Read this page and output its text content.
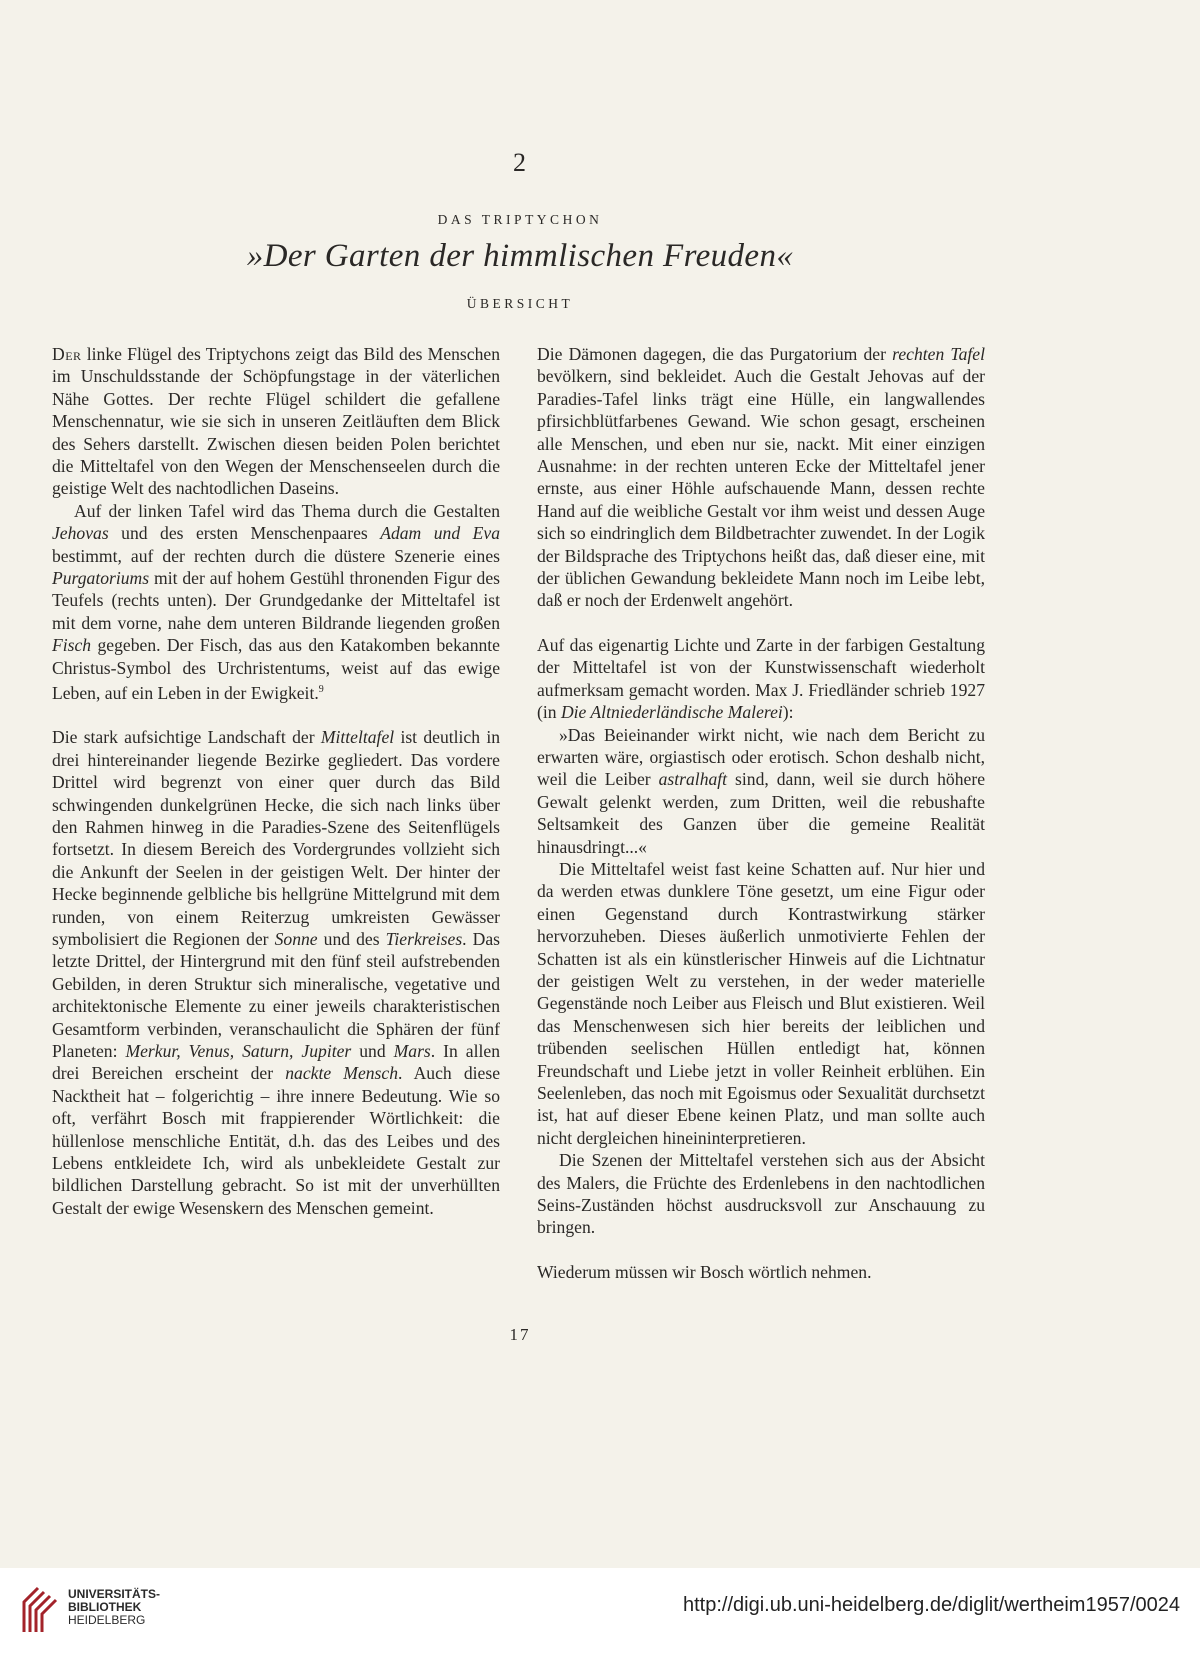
2
DAS TRIPTYCHON
»Der Garten der himmlischen Freuden«
ÜBERSICHT

Der linke Flügel des Triptychons zeigt das Bild des Menschen im Unschuldsstande der Schöpfungstage in der väterlichen Nähe Gottes. Der rechte Flügel schildert die gefallene Menschennatur, wie sie sich in unseren Zeitläuften dem Blick des Sehers darstellt. Zwischen diesen beiden Polen berichtet die Mitteltafel von den Wegen der Menschenseelen durch die geistige Welt des nachtodlichen Daseins.

Auf der linken Tafel wird das Thema durch die Gestalten Jehovas und des ersten Menschenpaares Adam und Eva bestimmt, auf der rechten durch die düstere Szenerie eines Purgatoriums mit der auf hohem Gestühl thronenden Figur des Teufels (rechts unten). Der Grundgedanke der Mitteltafel ist mit dem vorne, nahe dem unteren Bildrande liegenden großen Fisch gegeben. Der Fisch, das aus den Katakomben bekannte Christus-Symbol des Urchristentums, weist auf das ewige Leben, auf ein Leben in der Ewigkeit.$^9$

Die stark aufsichtige Landschaft der Mitteltafel ist deutlich in drei hintereinander liegende Bezirke gegliedert. Das vordere Drittel wird begrenzt von einer quer durch das Bild schwingenden dunkelgrünen Hecke, die sich nach links über den Rahmen hinweg in die Paradies-Szene des Seitenflügels fortsetzt. In diesem Bereich des Vordergrundes vollzieht sich die Ankunft der Seelen in der geistigen Welt. Der hinter der Hecke beginnende gelbliche bis hellgrüne Mittelgrund mit dem runden, von einem Reiterzug umkreisten Gewässer symbolisiert die Regionen der Sonne und des Tierkreises. Das letzte Drittel, der Hintergrund mit den fünf steil aufstrebenden Gebilden, in deren Struktur sich mineralische, vegetative und architektonische Elemente zu einer jeweils charakteristischen Gesamtform verbinden, veranschaulicht die Sphären der fünf Planeten: Merkur, Venus, Saturn, Jupiter und Mars. In allen drei Bereichen erscheint der nackte Mensch. Auch diese Nacktheit hat – folgerichtig – ihre innere Bedeutung. Wie so oft, verfährt Bosch mit frappierender Wörtlichkeit: die hüllenlose menschliche Entität, d.h. das des Leibes und des Lebens entkleidete Ich, wird als unbekleidete Gestalt zur bildlichen Darstellung gebracht. So ist mit der unverhüllten Gestalt der ewige Wesenskern des Menschen gemeint.

Die Dämonen dagegen, die das Purgatorium der rechten Tafel bevölkern, sind bekleidet. Auch die Gestalt Jehovas auf der Paradies-Tafel links trägt eine Hülle, ein langwallendes pfirsichblütfarbenes Gewand. Wie schon gesagt, erscheinen alle Menschen, und eben nur sie, nackt. Mit einer einzigen Ausnahme: in der rechten unteren Ecke der Mitteltafel jener ernste, aus einer Höhle aufschauende Mann, dessen rechte Hand auf die weibliche Gestalt vor ihm weist und dessen Auge sich so eindringlich dem Bildbetrachter zuwendet. In der Logik der Bildsprache des Triptychons heißt das, daß dieser eine, mit der üblichen Gewandung bekleidete Mann noch im Leibe lebt, daß er noch der Erdenwelt angehört.

Auf das eigenartig Lichte und Zarte in der farbigen Gestaltung der Mitteltafel ist von der Kunstwissenschaft wiederholt aufmerksam gemacht worden. Max J. Friedländer schrieb 1927 (in Die Altniederländische Malerei):

»Das Beieinander wirkt nicht, wie nach dem Bericht zu erwarten wäre, orgiastisch oder erotisch. Schon deshalb nicht, weil die Leiber astralhaft sind, dann, weil sie durch höhere Gewalt gelenkt werden, zum Dritten, weil die rebushafte Seltsamkeit des Ganzen über die gemeine Realität hinausdringt...«

Die Mitteltafel weist fast keine Schatten auf. Nur hier und da werden etwas dunklere Töne gesetzt, um eine Figur oder einen Gegenstand durch Kontrastwirkung stärker hervorzuheben. Dieses äußerlich unmotivierte Fehlen der Schatten ist als ein künstlerischer Hinweis auf die Lichtnatur der geistigen Welt zu verstehen, in der weder materielle Gegenstände noch Leiber aus Fleisch und Blut existieren. Weil das Menschenwesen sich hier bereits der leiblichen und trübenden seelischen Hüllen entledigt hat, können Freundschaft und Liebe jetzt in voller Reinheit erblühen. Ein Seelenleben, das noch mit Egoismus oder Sexualität durchsetzt ist, hat auf dieser Ebene keinen Platz, und man sollte auch nicht dergleichen hineininterpretieren.

Die Szenen der Mitteltafel verstehen sich aus der Absicht des Malers, die Früchte des Erdenlebens in den nachtodlichen Seins-Zuständen höchst ausdrucksvoll zur Anschauung zu bringen.

Wiederum müssen wir Bosch wörtlich nehmen.

17
UNIVERSITÄTS-
BIBLIOTHEK
HEIDELBERG
http://digi.ub.uni-heidelberg.de/diglit/wertheim1957/0024
